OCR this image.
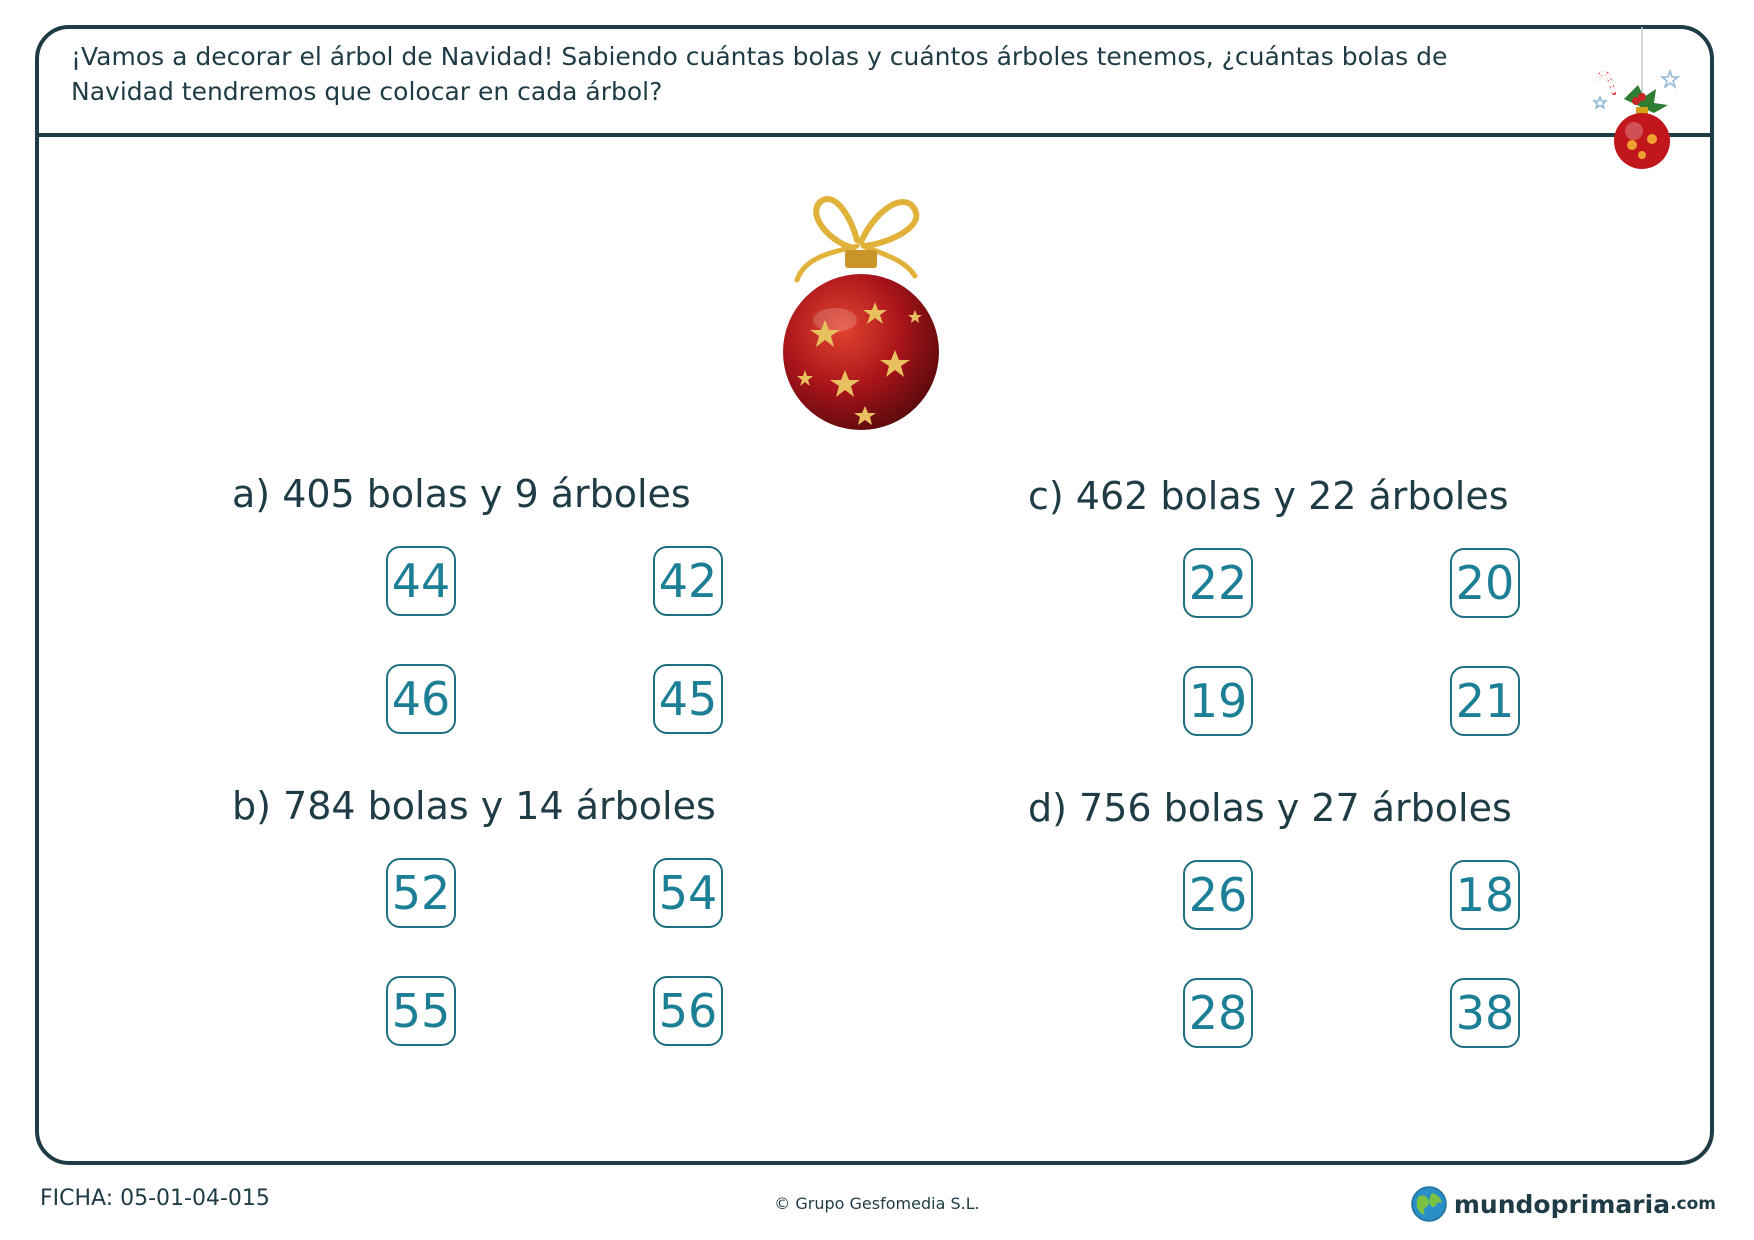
¡Vamos a decorar el árbol de Navidad! Sabiendo cuántas bolas y cuántos árboles tenemos, ¿cuántas bolas de Navidad tendremos que colocar en cada árbol?
a) 405 bolas y 9 árboles
44	42
46	45
b) 784 bolas y 14 árboles
52	54
55	56
c) 462 bolas y 22 árboles
22	20
19	21
d) 756 bolas y 27 árboles
26	18
28	38
FICHA: 05-01-04-015	© Grupo Gesfomedia S.L.	mundoprimaria .com
